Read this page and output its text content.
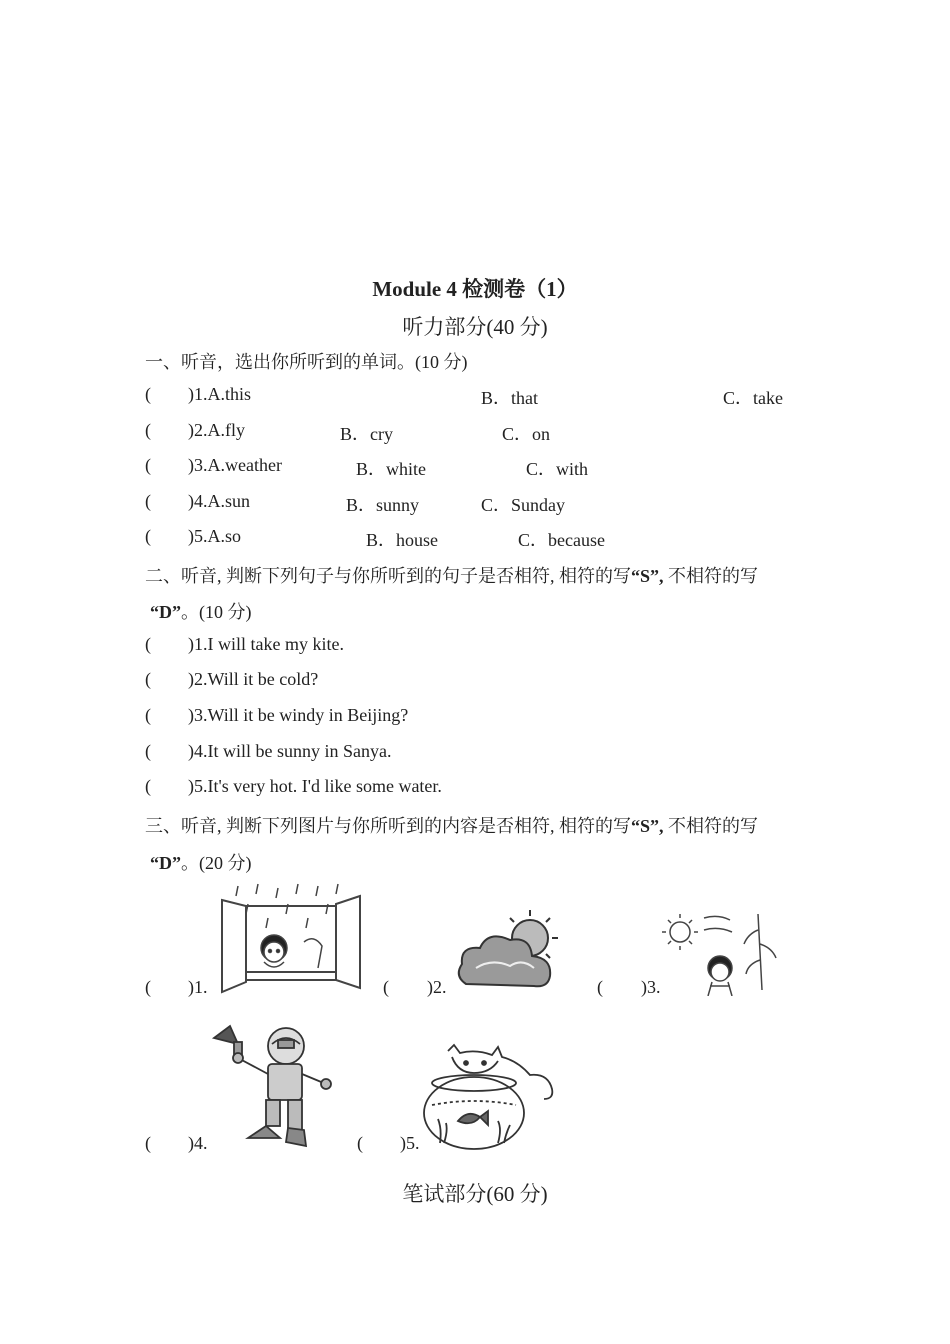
Module 4 检测卷（1）
听力部分(40 分)
一、听音，选出你所听到的单词。(10 分)
( )1.A.this	B．that	C．take
( )2.A.fly	B．cry	C．on
( )3.A.weather	B．white	C．with
( )4.A.sun	B．sunny	C．Sunday
( )5.A.so	B．house	C．because
二、听音, 判断下列句子与你所听到的句子是否相符, 相符的写“S”, 不相符的写
“D”。(10 分)
( )1.I will take my kite.
( )2.Will it be cold?
( )3.Will it be windy in Beijing?
( )4.It will be sunny in Sanya.
( )5.It's very hot. I'd like some water.
三、听音, 判断下列图片与你所听到的内容是否相符, 相符的写“S”, 不相符的写
“D”。(20 分)
( )1.	( )2.	( )3.
( )4.	( )5.
笔试部分(60 分)
